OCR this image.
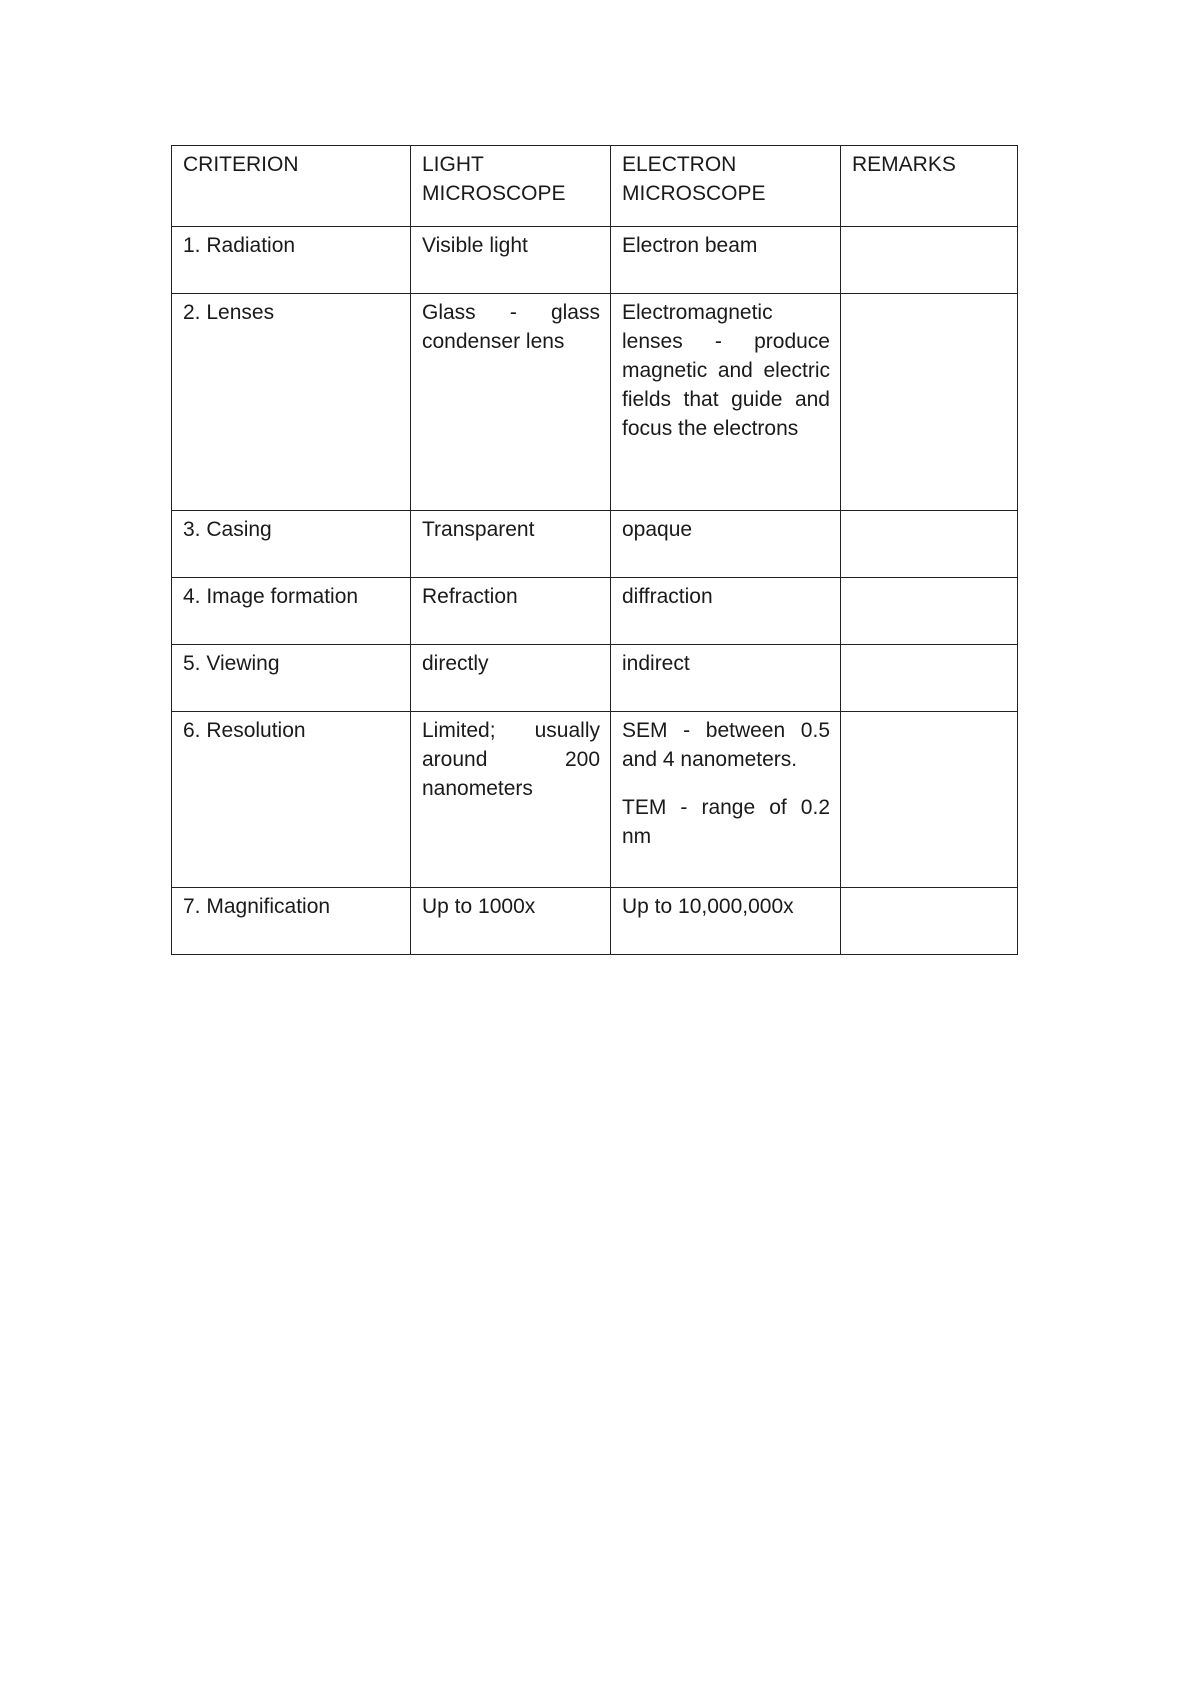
CRITERION	LIGHT MICROSCOPE	ELECTRON MICROSCOPE	REMARKS
1. Radiation	Visible light	Electron beam	

2. Lenses	Glass - glass condenser lens	Electromagnetic lenses - produce magnetic and electric fields that guide and focus the electrons	

3. Casing	Transparent	opaque	

4. Image formation	Refraction	diffraction	

5. Viewing	directly	indirect	

6. Resolution	Limited; usually around 200 nanometers	SEM - between 0.5 and 4 nanometers.
TEM - range of 0.2 nm	

7. Magnification	Up to 1000x	Up to 10,000,000x	
